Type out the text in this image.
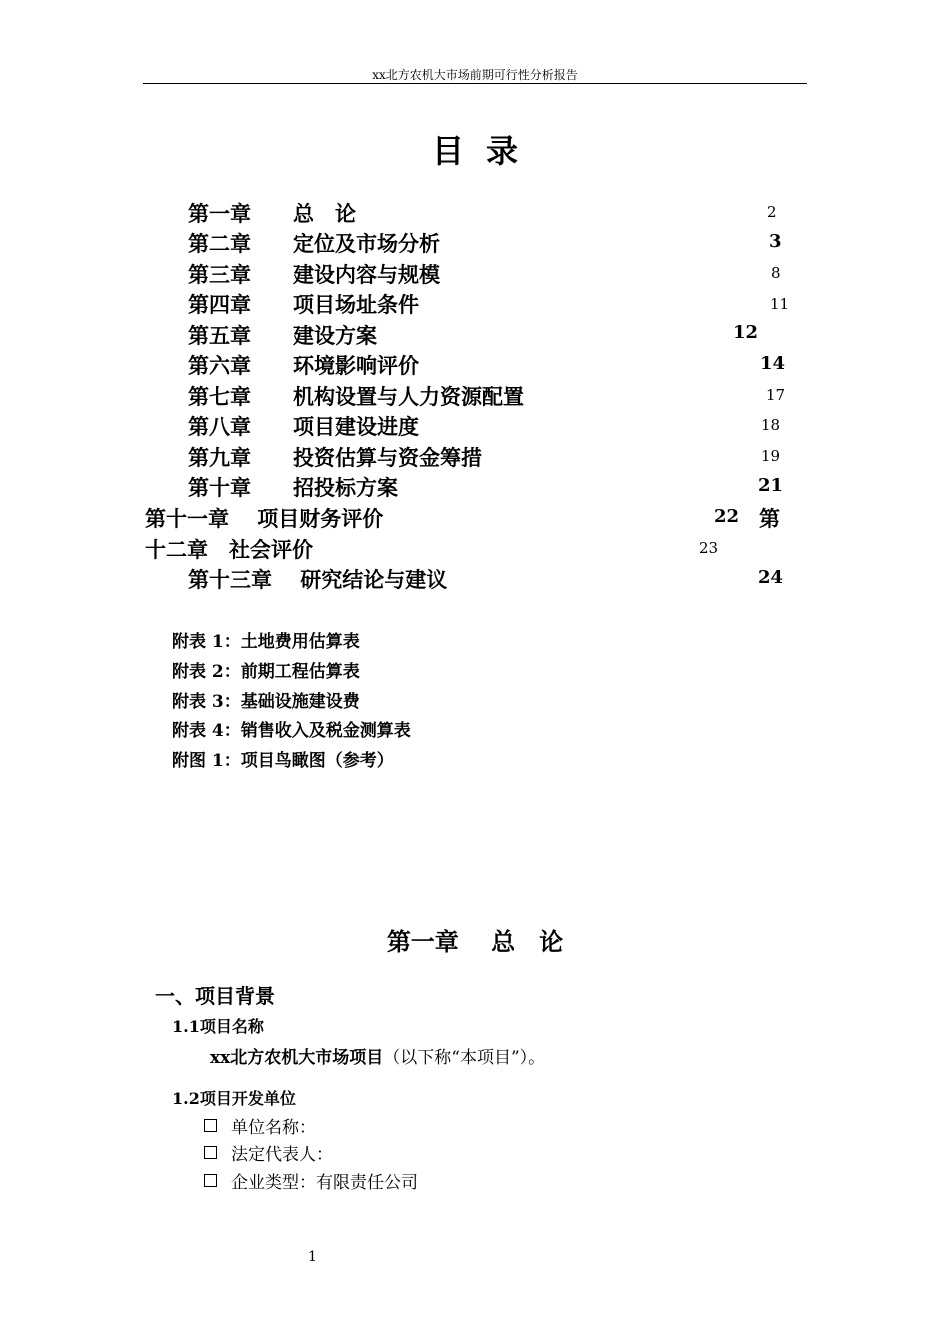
xx北方农机大市场前期可行性分析报告
目录
第一章　　总　论	2
第二章　　定位及市场分析	3
第三章　　建设内容与规模	8
第四章　　项目场址条件	11
第五章　　建设方案	12
第六章　　环境影响评价	14
第七章　　机构设置与人力资源配置	17
第八章　　项目建设进度	18
第九章　　投资估算与资金筹措	19
第十章　　招投标方案	21
第十一章　 项目财务评价	22 第
十二章　社会评价	23
第十三章　 研究结论与建议	24
附表 1：土地费用估算表
附表 2：前期工程估算表
附表 3：基础设施建设费
附表 4：销售收入及税金测算表
附图 1：项目鸟瞰图（参考）
第一章　 总　论
一、项目背景
1.1项目名称
xx北方农机大市场项目（以下称“本项目”）。
1.2项目开发单位
单位名称：
法定代表人：
企业类型：有限责任公司
1
